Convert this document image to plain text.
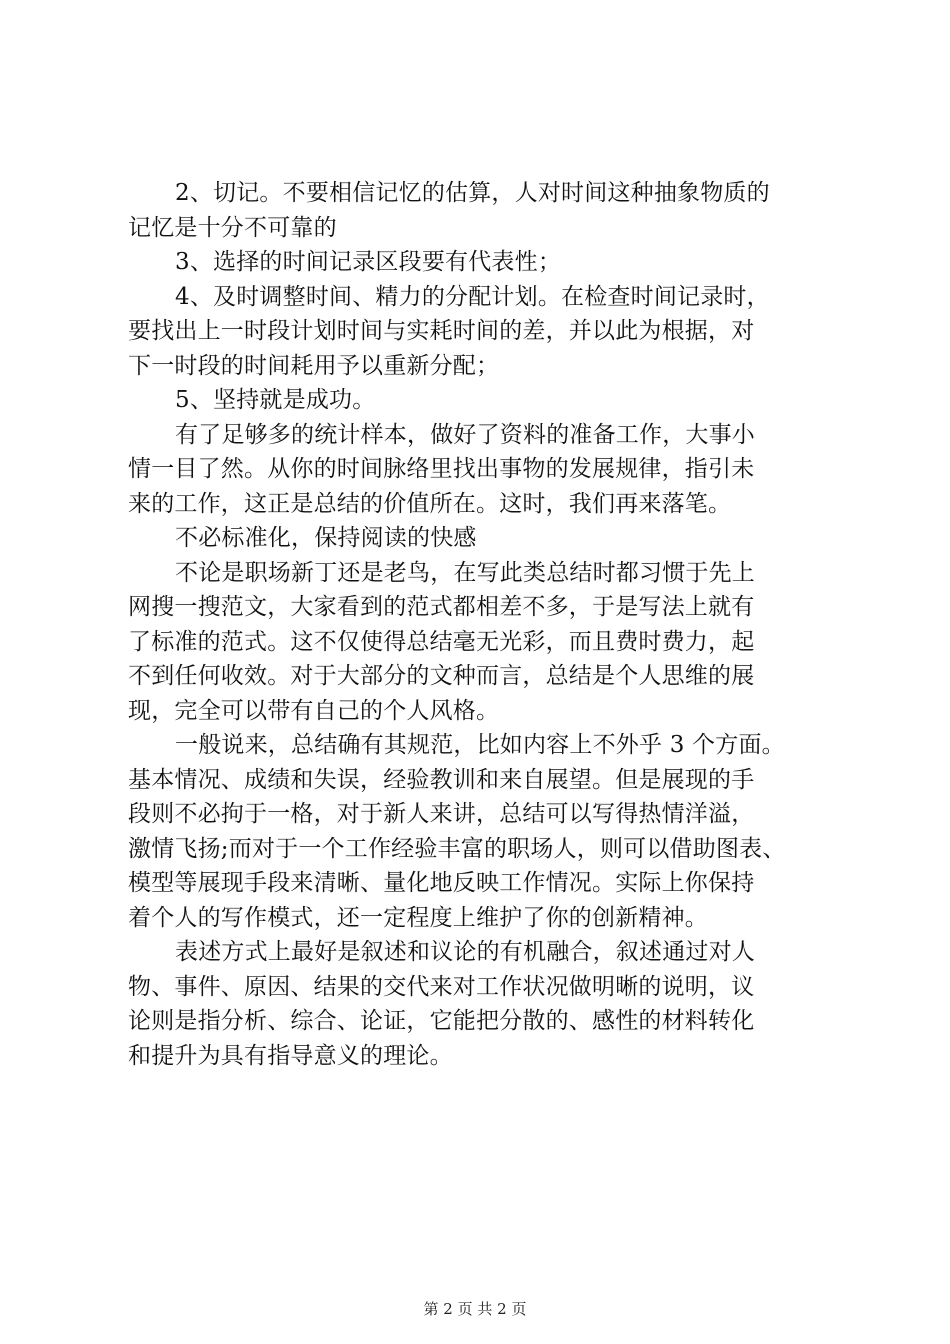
2、切记。不要相信记忆的估算，人对时间这种抽象物质的
记忆是十分不可靠的
3、选择的时间记录区段要有代表性；
4、及时调整时间、精力的分配计划。在检查时间记录时，
要找出上一时段计划时间与实耗时间的差，并以此为根据，对
下一时段的时间耗用予以重新分配；
5、坚持就是成功。
有了足够多的统计样本，做好了资料的准备工作，大事小
情一目了然。从你的时间脉络里找出事物的发展规律，指引未
来的工作，这正是总结的价值所在。这时，我们再来落笔。
不必标准化，保持阅读的快感
不论是职场新丁还是老鸟，在写此类总结时都习惯于先上
网搜一搜范文，大家看到的范式都相差不多，于是写法上就有
了标准的范式。这不仅使得总结毫无光彩，而且费时费力，起
不到任何收效。对于大部分的文种而言，总结是个人思维的展
现，完全可以带有自己的个人风格。
一般说来，总结确有其规范，比如内容上不外乎 3 个方面。
基本情况、成绩和失误，经验教训和来自展望。但是展现的手
段则不必拘于一格，对于新人来讲，总结可以写得热情洋溢，
激情飞扬;而对于一个工作经验丰富的职场人，则可以借助图表、
模型等展现手段来清晰、量化地反映工作情况。实际上你保持
着个人的写作模式，还一定程度上维护了你的创新精神。
表述方式上最好是叙述和议论的有机融合，叙述通过对人
物、事件、原因、结果的交代来对工作状况做明晰的说明，议
论则是指分析、综合、论证，它能把分散的、感性的材料转化
和提升为具有指导意义的理论。
第 2 页 共 2 页
